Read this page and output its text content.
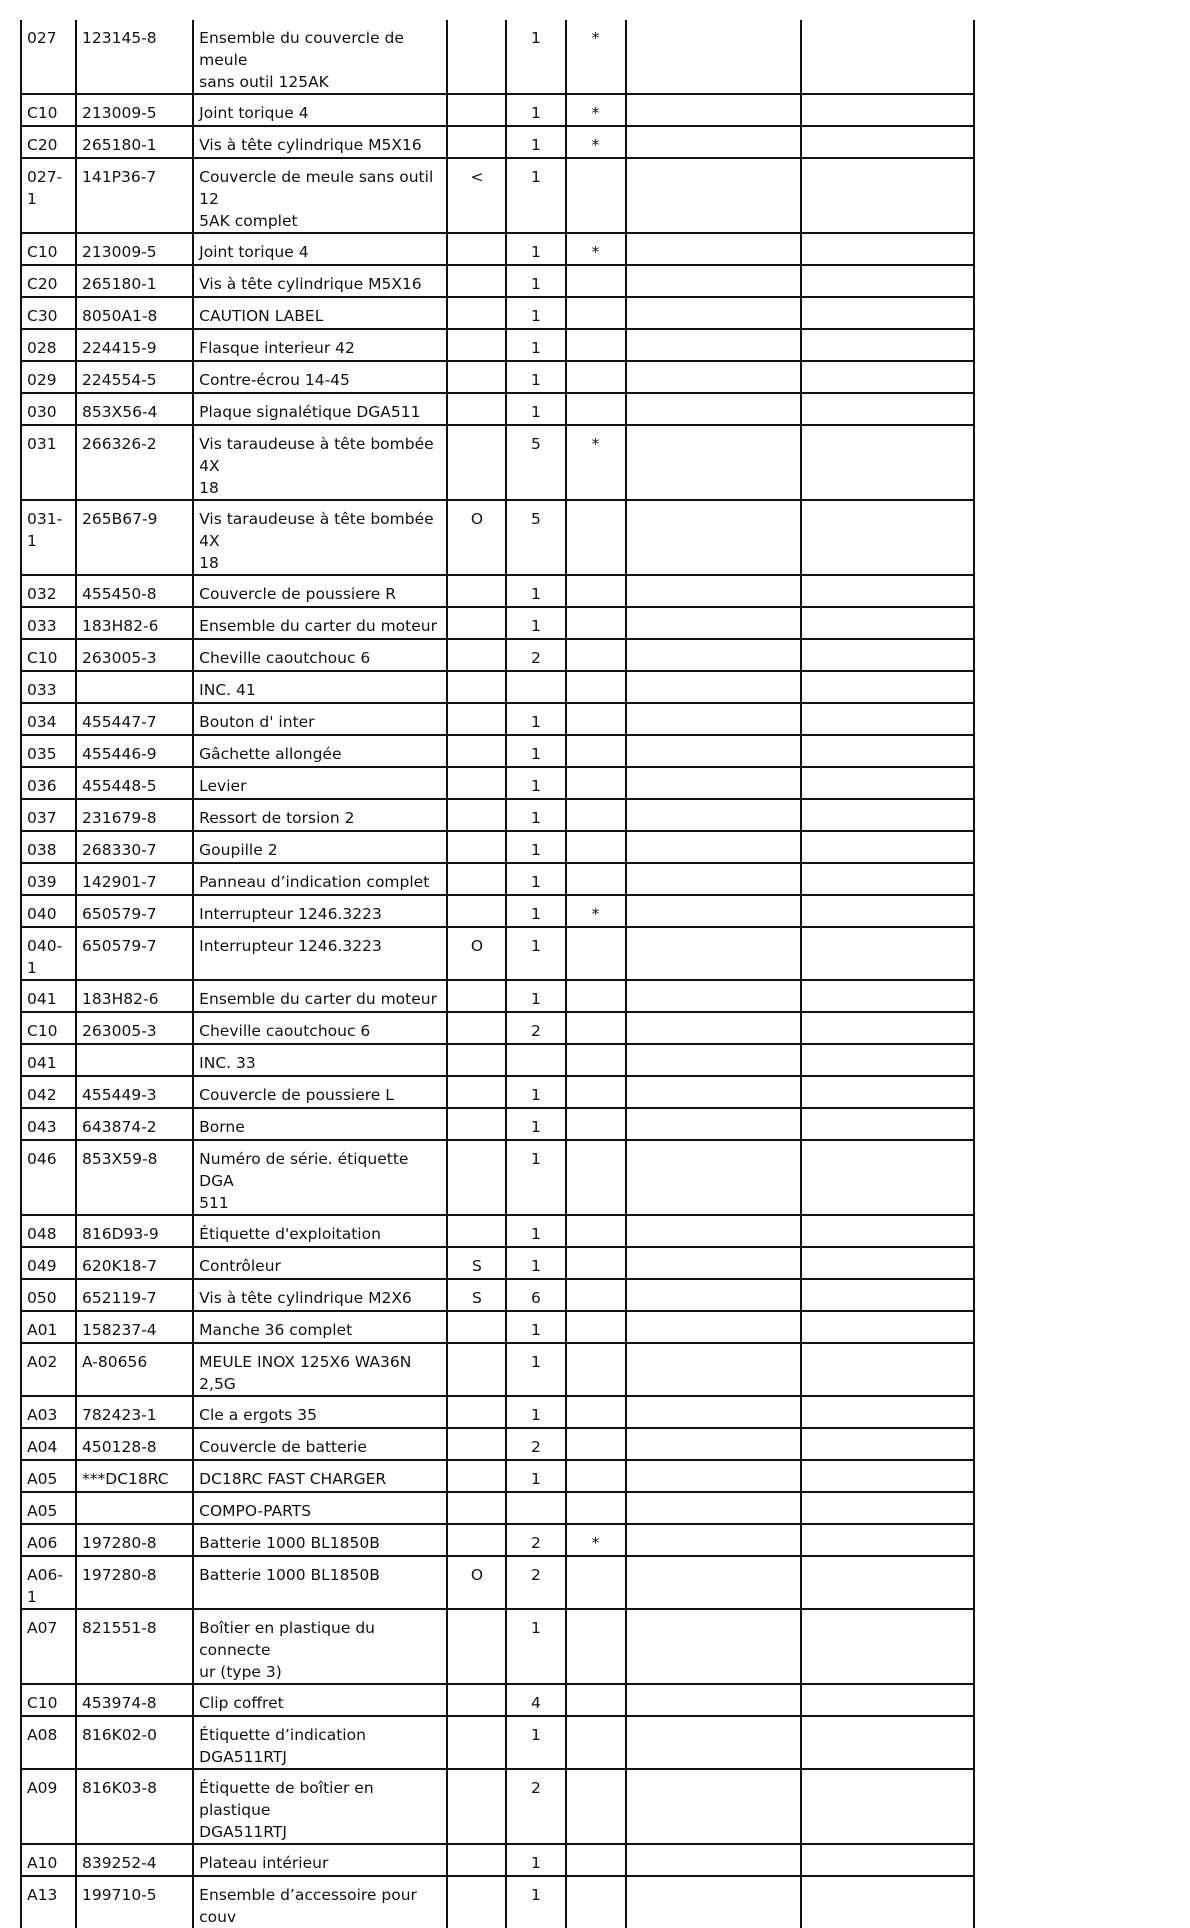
027	123145-8	Ensemble du couvercle de meule
sans outil 125AK		1	*		
C10	213009-5	Joint torique 4		1	*		
C20	265180-1	Vis à tête cylindrique M5X16		1	*		
027-1	141P36-7	Couvercle de meule sans outil 12
5AK complet	<	1			
C10	213009-5	Joint torique 4		1	*		
C20	265180-1	Vis à tête cylindrique M5X16		1			
C30	8050A1-8	CAUTION LABEL		1			
028	224415-9	Flasque interieur 42		1			
029	224554-5	Contre-écrou 14-45		1			
030	853X56-4	Plaque signalétique DGA511		1			
031	266326-2	Vis taraudeuse à tête bombée 4X
18		5	*		
031-1	265B67-9	Vis taraudeuse à tête bombée 4X
18	O	5			
032	455450-8	Couvercle de poussiere R		1			
033	183H82-6	Ensemble du carter du moteur		1			
C10	263005-3	Cheville caoutchouc 6		2			
033		INC. 41					
034	455447-7	Bouton d' inter		1			
035	455446-9	Gâchette allongée		1			
036	455448-5	Levier		1			
037	231679-8	Ressort de torsion 2		1			
038	268330-7	Goupille 2		1			
039	142901-7	Panneau d’indication complet		1			
040	650579-7	Interrupteur 1246.3223		1	*		
040-1	650579-7	Interrupteur 1246.3223	O	1			
041	183H82-6	Ensemble du carter du moteur		1			
C10	263005-3	Cheville caoutchouc 6		2			
041		INC. 33					
042	455449-3	Couvercle de poussiere L		1			
043	643874-2	Borne		1			
046	853X59-8	Numéro de série. étiquette DGA
511		1			
048	816D93-9	Étiquette d'exploitation		1			
049	620K18-7	Contrôleur	S	1			
050	652119-7	Vis à tête cylindrique M2X6	S	6			
A01	158237-4	Manche 36 complet		1			
A02	A-80656	MEULE INOX 125X6 WA36N 2,5G		1			
A03	782423-1	Cle a ergots 35		1			
A04	450128-8	Couvercle de batterie		2			
A05	***DC18RC	DC18RC FAST CHARGER		1			
A05		COMPO-PARTS					
A06	197280-8	Batterie 1000 BL1850B		2	*		
A06-1	197280-8	Batterie 1000 BL1850B	O	2			
A07	821551-8	Boîtier en plastique du connecte
ur (type 3)		1			
C10	453974-8	Clip coffret		4			
A08	816K02-0	Étiquette d’indication DGA511RTJ		1			
A09	816K03-8	Étiquette de boîtier en plastique
DGA511RTJ		2			
A10	839252-4	Plateau intérieur		1			
A13	199710-5	Ensemble d’accessoire pour couv		1			
